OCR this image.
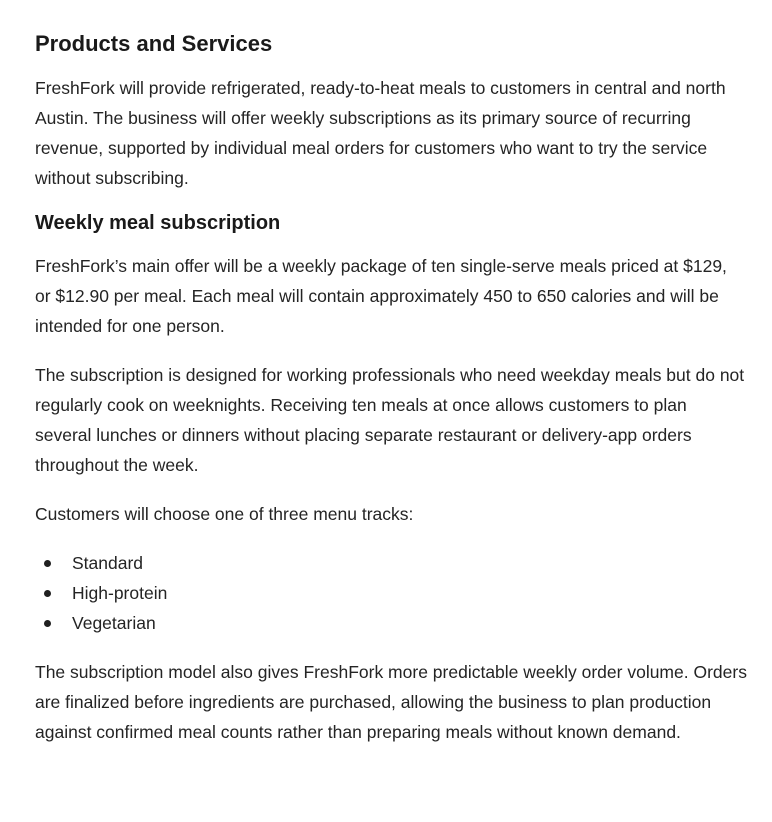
Products and Services

FreshFork will provide refrigerated, ready-to-heat meals to customers in central and north Austin. The business will offer weekly subscriptions as its primary source of recurring revenue, supported by individual meal orders for customers who want to try the service without subscribing.

Weekly meal subscription

FreshFork’s main offer will be a weekly package of ten single-serve meals priced at $129, or $12.90 per meal. Each meal will contain approximately 450 to 650 calories and will be intended for one person.

The subscription is designed for working professionals who need weekday meals but do not regularly cook on weeknights. Receiving ten meals at once allows customers to plan several lunches or dinners without placing separate restaurant or delivery-app orders throughout the week.

Customers will choose one of three menu tracks:

Standard
High-protein
Vegetarian

The subscription model also gives FreshFork more predictable weekly order volume. Orders are finalized before ingredients are purchased, allowing the business to plan production against confirmed meal counts rather than preparing meals without known demand.
